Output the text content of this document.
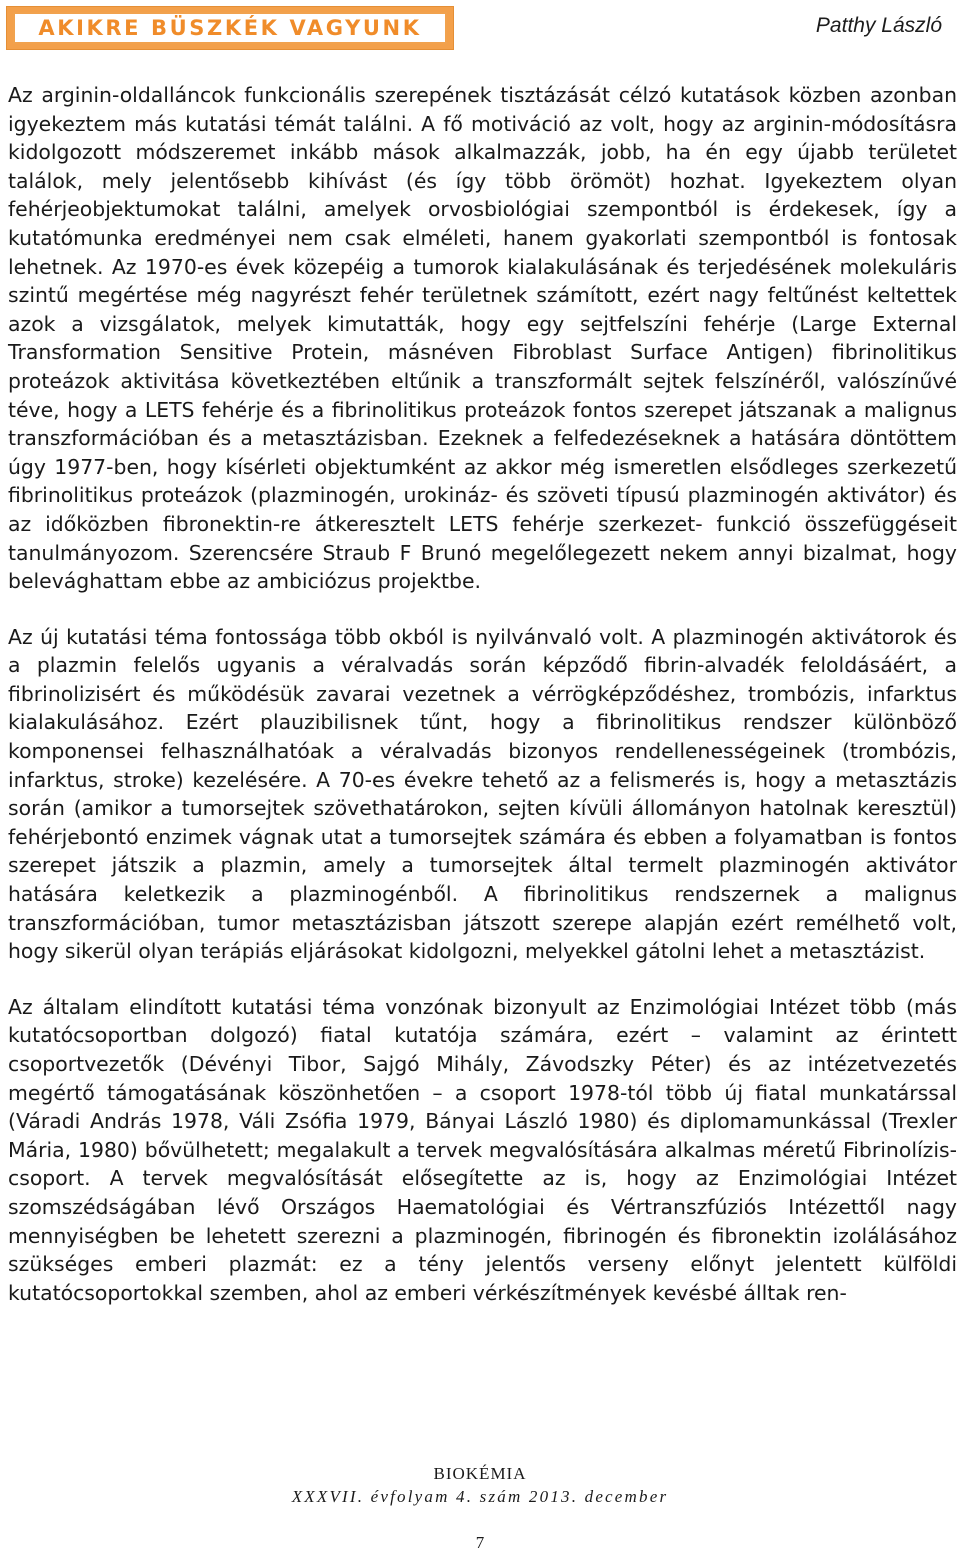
AKIKRE BÜSZKÉK VAGYUNK	Patthy László

Az arginin-oldalláncok funkcionális szerepének tisztázását célzó kutatások közben azonban igyekeztem más kutatási témát találni. A fő motiváció az volt, hogy az arginin-módosításra kidolgozott módszeremet inkább mások alkalmazzák, jobb, ha én egy újabb területet találok, mely jelentősebb kihívást (és így több örömöt) hozhat. Igyekeztem olyan fehérjeobjektumokat találni, amelyek orvosbiológiai szempontból is érdekesek, így a kutatómunka eredményei nem csak elméleti, hanem gyakorlati szempontból is fontosak lehetnek. Az 1970-es évek közepéig a tumorok kialakulásának és terjedésének molekuláris szintű megértése még nagyrészt fehér területnek számított, ezért nagy feltűnést keltettek azok a vizsgálatok, melyek kimutatták, hogy egy sejtfelszíni fehérje (Large External Transformation Sensitive Protein, másnéven Fibroblast Surface Antigen) fibrinolitikus proteázok aktivitása következtében eltűnik a transzformált sejtek felszínéről, valószínűvé téve, hogy a LETS fehérje és a fibrinolitikus proteázok fontos szerepet játszanak a malignus transzformációban és a metasztázisban. Ezeknek a felfedezéseknek a hatására döntöttem úgy 1977-ben, hogy kísérleti objektumként az akkor még ismeretlen elsődleges szerkezetű fibrinolitikus proteázok (plazminogén, urokináz- és szöveti típusú plazminogén aktivátor) és az időközben fibronektin-re átkeresztelt LETS fehérje szerkezet- funkció összefüggéseit tanulmányozom. Szerencsére Straub F Brunó megelőlegezett nekem annyi bizalmat, hogy belevághattam ebbe az ambiciózus projektbe.

Az új kutatási téma fontossága több okból is nyilvánvaló volt. A plazminogén aktivátorok és a plazmin felelős ugyanis a véralvadás során képződő fibrin-alvadék feloldásáért, a fibrinolizisért és működésük zavarai vezetnek a vérrögképződéshez, trombózis, infarktus kialakulásához. Ezért plauzibilisnek tűnt, hogy a fibrinolitikus rendszer különböző komponensei felhasználhatóak a véralvadás bizonyos rendellenességeinek (trombózis, infarktus, stroke) kezelésére. A 70-es évekre tehető az a felismerés is, hogy a metasztázis során (amikor a tumorsejtek szövethatárokon, sejten kívüli állományon hatolnak keresztül) fehérjebontó enzimek vágnak utat a tumorsejtek számára és ebben a folyamatban is fontos szerepet játszik a plazmin, amely a tumorsejtek által termelt plazminogén aktivátor hatására keletkezik a plazminogénből. A fibrinolitikus rendszernek a malignus transzformációban, tumor metasztázisban játszott szerepe alapján ezért remélhető volt, hogy sikerül olyan terápiás eljárásokat kidolgozni, melyekkel gátolni lehet a metasztázist.

Az általam elindított kutatási téma vonzónak bizonyult az Enzimológiai Intézet több (más kutatócsoportban dolgozó) fiatal kutatója számára, ezért – valamint az érintett csoportvezetők (Dévényi Tibor, Sajgó Mihály, Závodszky Péter) és az intézetvezetés megértő támogatásának köszönhetően – a csoport 1978-tól több új fiatal munkatárssal (Váradi András 1978, Váli Zsófia 1979, Bányai László 1980) és diplomamunkással (Trexler Mária, 1980) bővülhetett; megalakult a tervek megvalósítására alkalmas méretű Fibrinolízis-csoport. A tervek megvalósítását elősegítette az is, hogy az Enzimológiai Intézet szomszédságában lévő Országos Haematológiai és Vértranszfúziós Intézettől nagy mennyiségben be lehetett szerezni a plazminogén, fibrinogén és fibronektin izolálásához szükséges emberi plazmát: ez a tény jelentős verseny előnyt jelentett külföldi kutatócsoportokkal szemben, ahol az emberi vérkészítmények kevésbé álltak ren-

BIOKÉMIA
XXXVII. évfolyam 4. szám 2013. december
7
